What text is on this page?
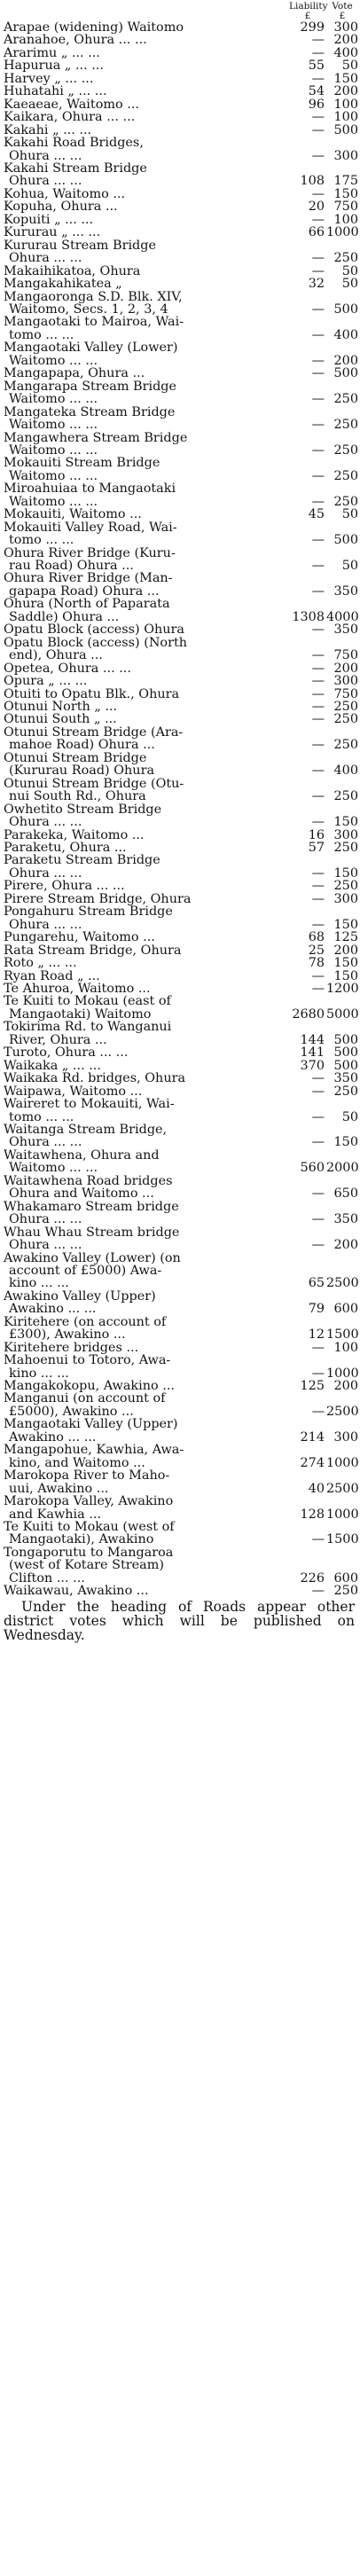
Liability Vote
£	£
Arapae (widening) Waitomo	299 300
Aranahoe, Ohura ... ...	— 200
Ararimu „ ... ...	— 400
Hapurua „ ... ...	55	50
Harvey „ ... ...	— 150
Huhatahi „ ... ...	54 200
Kaeaeae, Waitomo ...	96 100
Kaikara, Ohura ... ...	— 100
Kakahi „ ... ...	— 500
Kakahi Road Bridges,
Ohura ... ...	— 300
Kakahi Stream Bridge
Ohura ... ...	108 175
Kohua, Waitomo ...	— 150
Kopuha, Ohura ...	20 750
Kopuiti „ ... ...	— 100
Kururau „ ... ...	66 1000
Kururau Stream Bridge
Ohura ... ...	— 250
Makaihikatoa, Ohura	—	50
Mangakahikatea „	32	50
Mangaoronga S.D. Blk. XIV,
Waitomo, Secs. 1, 2, 3, 4	— 500
Mangaotaki to Mairoa, Wai-
tomo ... ...	— 400
Mangaotaki Valley (Lower)
Waitomo ... ...	— 200
Mangapapa, Ohura ...	— 500
Mangarapa Stream Bridge
Waitomo ... ...	— 250
Mangateka Stream Bridge
Waitomo ... ...	— 250
Mangawhera Stream Bridge
Waitomo ... ...	— 250
Mokauiti Stream Bridge
Waitomo ... ...	— 250
Miroahuiaa to Mangaotaki
Waitomo ... ...	— 250
Mokauiti, Waitomo ...	45	50
Mokauiti Valley Road, Wai-
tomo ... ...	— 500
Ohura River Bridge (Kuru-
rau Road) Ohura ...	—	50
Ohura River Bridge (Man-
gapapa Road) Ohura ...	— 350
Ohura (North of Paparata
Saddle) Ohura ...	1308 4000
Opatu Block (access) Ohura	— 350
Opatu Block (access) (North
end), Ohura ...	— 750
Opetea, Ohura ... ...	— 200
Opura „ ... ...	— 300
Otuiti to Opatu Blk., Ohura	— 750
Otunui North „ ...	— 250
Otunui South „ ...	— 250
Otunui Stream Bridge (Ara-
mahoe Road) Ohura ...	— 250
Otunui Stream Bridge
(Kururau Road) Ohura	— 400
Otunui Stream Bridge (Otu-
nui South Rd., Ohura	— 250
Owhetito Stream Bridge
Ohura ... ...	— 150
Parakeka, Waitomo ...	16 300
Paraketu, Ohura ...	57 250
Paraketu Stream Bridge
Ohura ... ...	— 150
Pirere, Ohura ... ...	— 250
Pirere Stream Bridge, Ohura	— 300
Pongahuru Stream Bridge
Ohura ... ...	— 150
Pungarehu, Waitomo ...	68 125
Rata Stream Bridge, Ohura	25 200
Roto „ ... ...	78 150
Ryan Road „ ...	— 150
Te Ahuroa, Waitomo ...	— 1200
Te Kuiti to Mokau (east of
Mangaotaki) Waitomo	2680 5000
Tokirima Rd. to Wanganui
River, Ohura ...	144 500
Turoto, Ohura ... ...	141 500
Waikaka „ ... ...	370 500
Waikaka Rd. bridges, Ohura	— 350
Waipawa, Waitomo ...	— 250
Waireret to Mokauiti, Wai-
tomo ... ...	—	50
Waitanga Stream Bridge,
Ohura ... ...	— 150
Waitawhena, Ohura and
Waitomo ... ...	560 2000
Waitawhena Road bridges
Ohura and Waitomo ...	— 650
Whakamaro Stream bridge
Ohura ... ...	— 350
Whau Whau Stream bridge
Ohura ... ...	— 200
Awakino Valley (Lower) (on
account of £5000) Awa-
kino ... ...	65 2500
Awakino Valley (Upper)
Awakino ... ...	79 600
Kiritehere (on account of
£300), Awakino ...	12 1500
Kiritehere bridges ...	— 100
Mahoenui to Totoro, Awa-
kino ... ...	— 1000
Mangakokopu, Awakino ...	125 200
Manganui (on account of
£5000), Awakino ...	— 2500
Mangaotaki Valley (Upper)
Awakino ... ...	214 300
Mangapohue, Kawhia, Awa-
kino, and Waitomo ...	274 1000
Marokopa River to Maho-
uui, Awakino ...	40 2500
Marokopa Valley, Awakino
and Kawhia ...	128 1000
Te Kuiti to Mokau (west of
Mangaotaki), Awakino	— 1500
Tongaporutu to Mangaroa
(west of Kotare Stream)
Clifton ... ...	226 600
Waikawau, Awakino ...	— 250

Under the heading of Roads appear other district votes which will be published on Wednesday.
